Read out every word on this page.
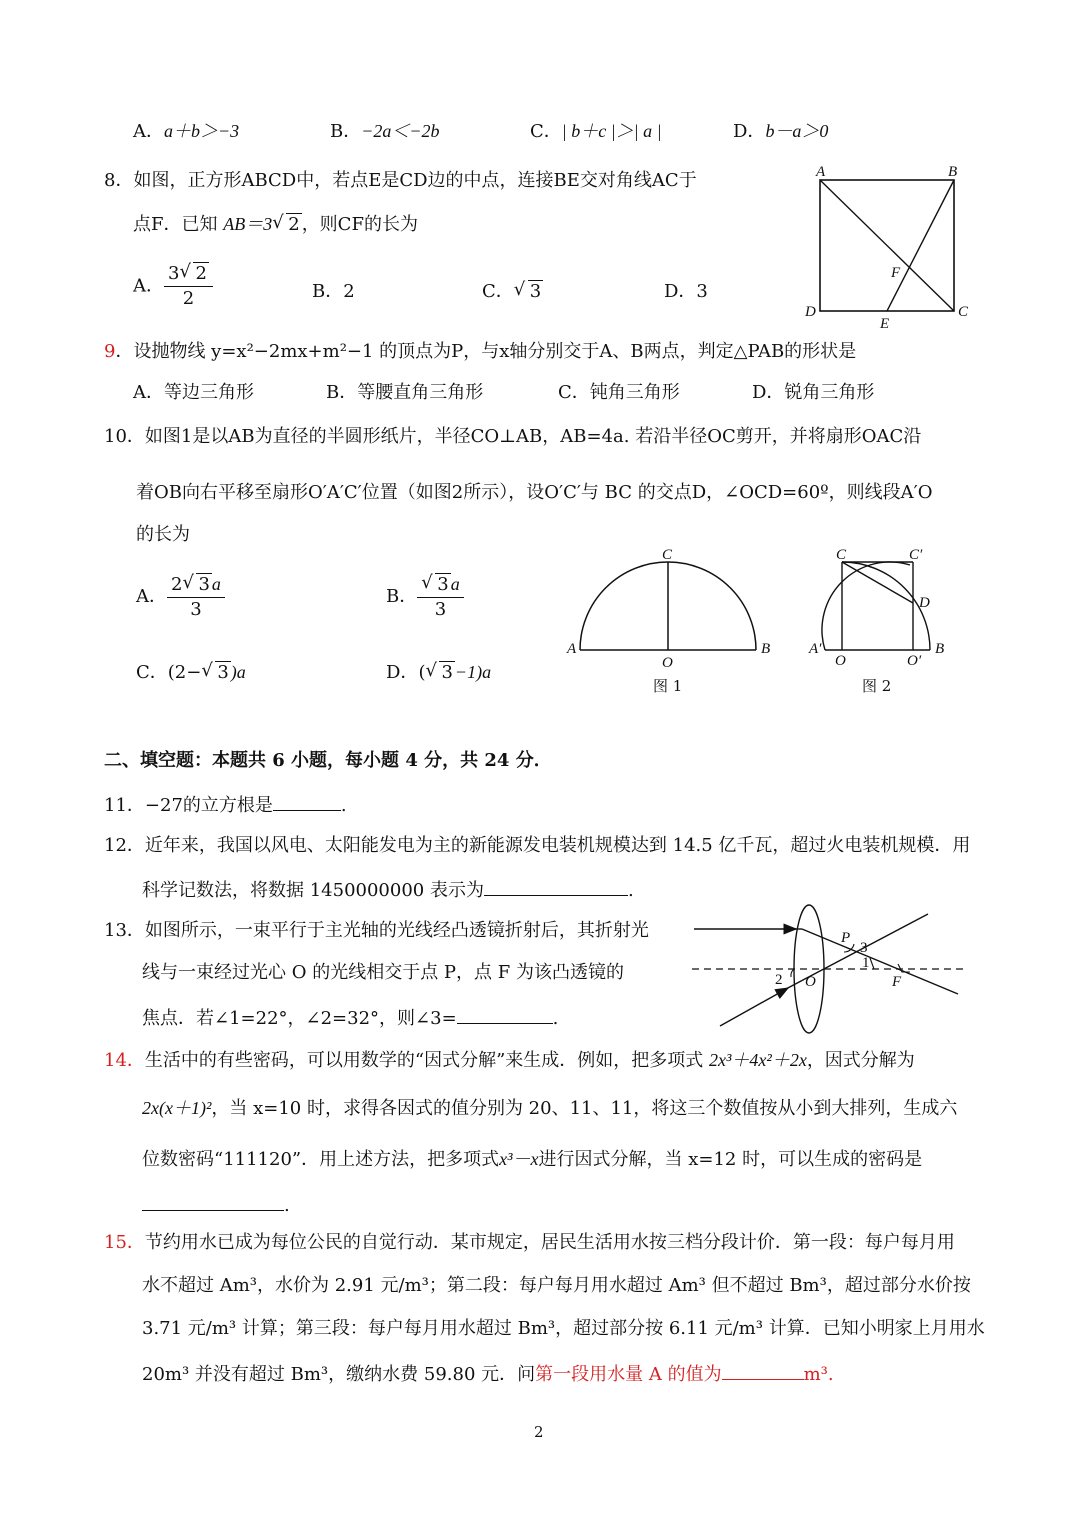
A．a＋b＞−3	B．−2a＜−2b	C．| b＋c |＞| a |	D．b－a＞0
8．如图，正方形ABCD中，若点E是CD边的中点，连接BE交对角线AC于
点F．已知 AB＝3 √ 2 ，则CF的长为
A． $\frac{3 √ 2}{2}$	B．2	C． √ 3	D．3
A	B
C
D
E
F
9．设抛物线 y=x²−2mx+m²−1 的顶点为P，与x轴分别交于A、B两点，判定△PAB的形状是
A．等边三角形	B．等腰直角三角形	C．钝角三角形	D．锐角三角形
10．如图1是以AB为直径的半圆形纸片，半径CO⊥AB，AB=4a. 若沿半径OC剪开，并将扇形OAC沿
着OB向右平移至扇形O′A′C′位置（如图2所示），设O′C′与 BC 的交点D，∠OCD=60º，则线段A′O
的长为
A． $\frac{2 √ 3 a}{3}$	B． √ $\frac{3 a}{3}$
C．(2− √ 3 )a	D．( √ 3 −1)a
C
A
O
B
图 1
C	C′
D
A′
O	O′
B
图 2
二、填空题：本题共 6 小题，每小题 4 分，共 24 分．
11．−27的立方根是	.
12．近年来，我国以风电、太阳能发电为主的新能源发电装机规模达到 14.5 亿千瓦，超过火电装机规模．用
科学记数法，将数据 1450000000 表示为	.
13．如图所示，一束平行于主光轴的光线经凸透镜折射后，其折射光
线与一束经过光心 O 的光线相交于点 P，点 F 为该凸透镜的
焦点．若∠1=22°，∠2=32°，则∠3=	.
P
3
1
2 O	F
14．生活中的有些密码，可以用数学的“因式分解”来生成．例如，把多项式 2x³＋4x²＋2x，因式分解为
2x(x＋1)²，当 x=10 时，求得各因式的值分别为 20、11、11，将这三个数值按从小到大排列，生成六
位数密码“111120”．用上述方法，把多项式x³－x进行因式分解，当 x=12 时，可以生成的密码是
.
15．节约用水已成为每位公民的自觉行动．某市规定，居民生活用水按三档分段计价．第一段：每户每月用
水不超过 Am³，水价为 2.91 元/m³；第二段：每户每月用水超过 Am³ 但不超过 Bm³，超过部分水价按
3.71 元/m³ 计算；第三段：每户每月用水超过 Bm³，超过部分按 6.11 元/m³ 计算．已知小明家上月用水
20m³ 并没有超过 Bm³，缴纳水费 59.80 元．问第一段用水量 A 的值为	m³.
2
